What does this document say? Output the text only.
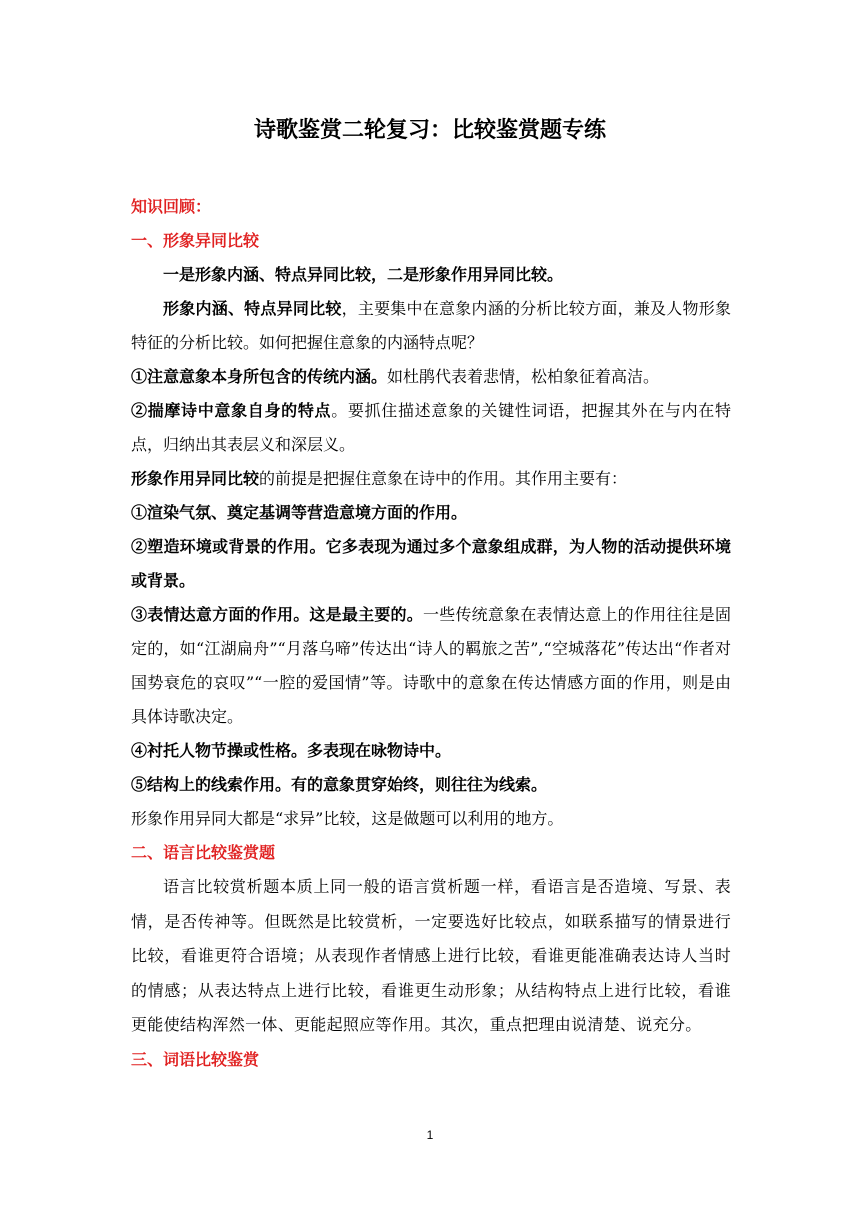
诗歌鉴赏二轮复习：比较鉴赏题专练

知识回顾：

一、形象异同比较

一是形象内涵、特点异同比较，二是形象作用异同比较。

形象内涵、特点异同比较，主要集中在意象内涵的分析比较方面，兼及人物形象特征的分析比较。如何把握住意象的内涵特点呢？

①注意意象本身所包含的传统内涵。如杜鹃代表着悲情，松柏象征着高洁。

②揣摩诗中意象自身的特点。要抓住描述意象的关键性词语，把握其外在与内在特点，归纳出其表层义和深层义。

形象作用异同比较的前提是把握住意象在诗中的作用。其作用主要有：

①渲染气氛、奠定基调等营造意境方面的作用。

②塑造环境或背景的作用。它多表现为通过多个意象组成群，为人物的活动提供环境或背景。

③表情达意方面的作用。这是最主要的。一些传统意象在表情达意上的作用往往是固定的，如“江湖扁舟”“月落乌啼”传达出“诗人的羁旅之苦”,“空城落花”传达出“作者对国势衰危的哀叹”“一腔的爱国情”等。诗歌中的意象在传达情感方面的作用，则是由具体诗歌决定。

④衬托人物节操或性格。多表现在咏物诗中。

⑤结构上的线索作用。有的意象贯穿始终，则往往为线索。

形象作用异同大都是“求异”比较，这是做题可以利用的地方。

二、语言比较鉴赏题

语言比较赏析题本质上同一般的语言赏析题一样，看语言是否造境、写景、表情，是否传神等。但既然是比较赏析，一定要选好比较点，如联系描写的情景进行比较，看谁更符合语境；从表现作者情感上进行比较，看谁更能准确表达诗人当时的情感；从表达特点上进行比较，看谁更生动形象；从结构特点上进行比较，看谁更能使结构浑然一体、更能起照应等作用。其次，重点把理由说清楚、说充分。

三、词语比较鉴赏

1
